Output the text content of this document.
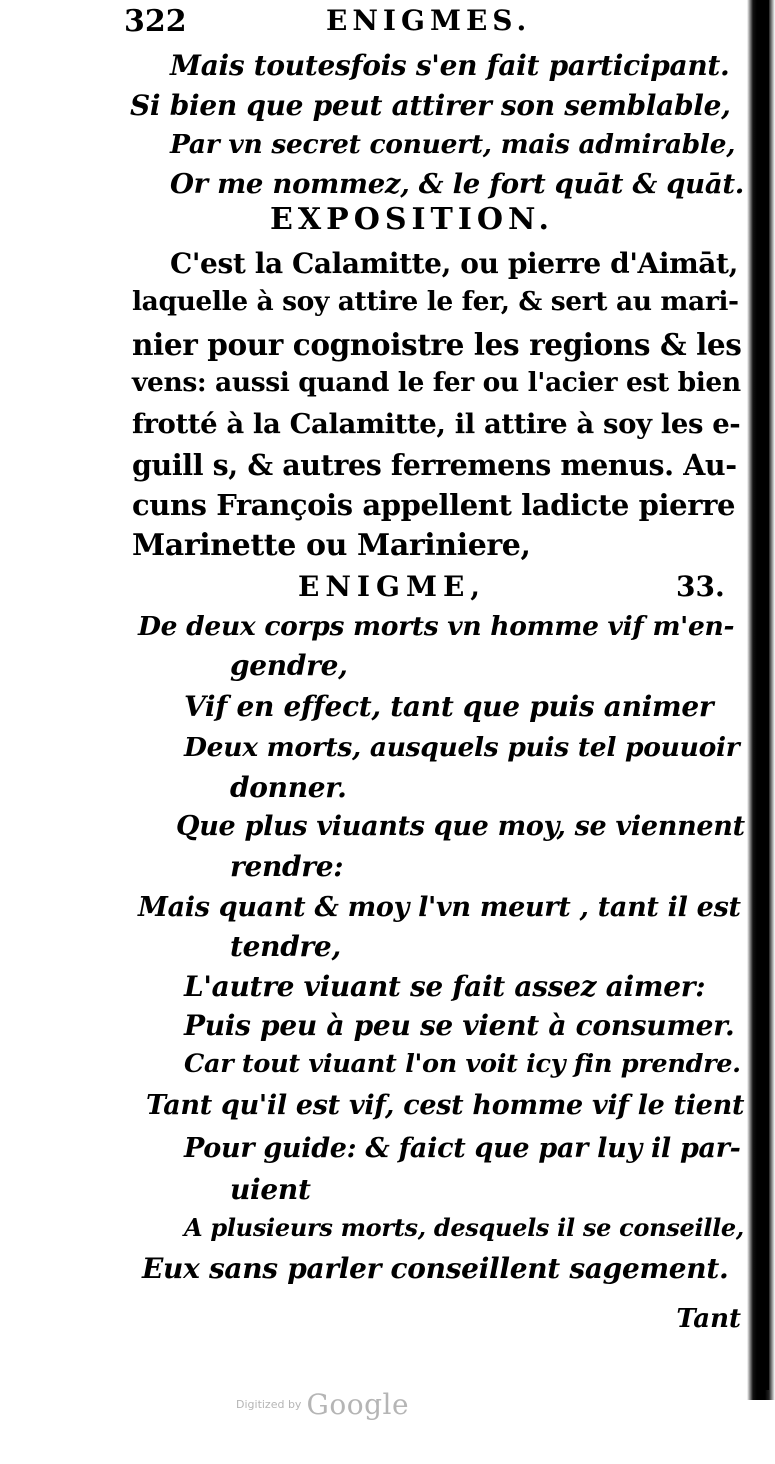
322	ENIGMES.
Mais toutesfois s'en fait participant.
Si bien que peut attirer son semblable,
Par vn secret conuert, mais admirable,
Or me nommez, & le fort quāt & quāt.
EXPOSITION.
C'est la Calamitte, ou pierre d'Aimāt,
laquelle à soy attire le fer, & sert au mari-
nier pour cognoistre les regions & les
vens: aussi quand le fer ou l'acier est bien
frotté à la Calamitte, il attire à soy les e-
guill s, & autres ferremens menus. Au-
cuns François appellent ladicte pierre
Marinette ou Mariniere,
ENIGME,	33.
De deux corps morts vn homme vif m'en-
gendre,
Vif en effect, tant que puis animer
Deux morts, ausquels puis tel pouuoir
donner.
Que plus viuants que moy, se viennent
rendre:
Mais quant & moy l'vn meurt , tant il est
tendre,
L'autre viuant se fait assez aimer:
Puis peu à peu se vient à consumer.
Car tout viuant l'on voit icy fin prendre.
Tant qu'il est vif, cest homme vif le tient
Pour guide: & faict que par luy il par-
uient
A plusieurs morts, desquels il se conseille,
Eux sans parler conseillent sagement.
Tant
Digitized by Google
